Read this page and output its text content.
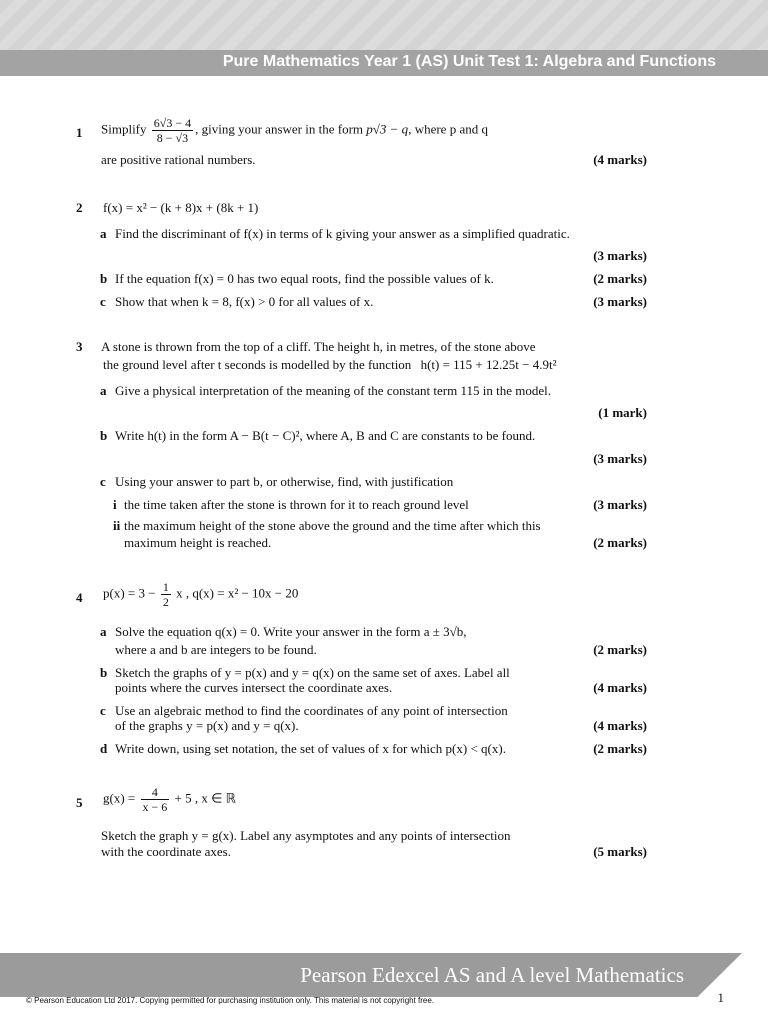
Pure Mathematics Year 1 (AS) Unit Test 1: Algebra and Functions
1 Simplify $\frac{6√3 - 4}{8 - √3}$ , giving your answer in the form p√3 − q, where p and q
are positive rational numbers.	(4 marks)
2 f(x) = x² − (k + 8)x + (8k + 1)
a Find the discriminant of f(x) in terms of k giving your answer as a simplified quadratic.
(3 marks)
b If the equation f(x) = 0 has two equal roots, find the possible values of k.	(2 marks)
c Show that when k = 8, f(x) > 0 for all values of x.	(3 marks)
3 A stone is thrown from the top of a cliff. The height h, in metres, of the stone above
the ground level after t seconds is modelled by the function h(t) = 115 + 12.25t − 4.9t²
a Give a physical interpretation of the meaning of the constant term 115 in the model.
(1 mark)
b Write h(t) in the form A − B(t − C)², where A, B and C are constants to be found.
(3 marks)
c Using your answer to part b, or otherwise, find, with justification
i the time taken after the stone is thrown for it to reach ground level	(3 marks)
ii the maximum height of the stone above the ground and the time after which this
maximum height is reached.	(2 marks)
4 $p(x) = 3 - \frac{1}{2}$ x , q(x) = x² − 10x − 20
a Solve the equation q(x) = 0. Write your answer in the form a ± 3√b,
where a and b are integers to be found.	(2 marks)
b Sketch the graphs of y = p(x) and y = q(x) on the same set of axes. Label all
points where the curves intersect the coordinate axes.	(4 marks)
c Use an algebraic method to find the coordinates of any point of intersection
of the graphs y = p(x) and y = q(x).	(4 marks)
d Write down, using set notation, the set of values of x for which p(x) < q(x).	(2 marks)
5 $g(x) = \frac{4}{x - 6} + 5$ , x ∈ ℝ
Sketch the graph y = g(x). Label any asymptotes and any points of intersection
with the coordinate axes.	(5 marks)
Pearson Edexcel AS and A level Mathematics
© Pearson Education Ltd 2017. Copying permitted for purchasing institution only. This material is not copyright free.	1
